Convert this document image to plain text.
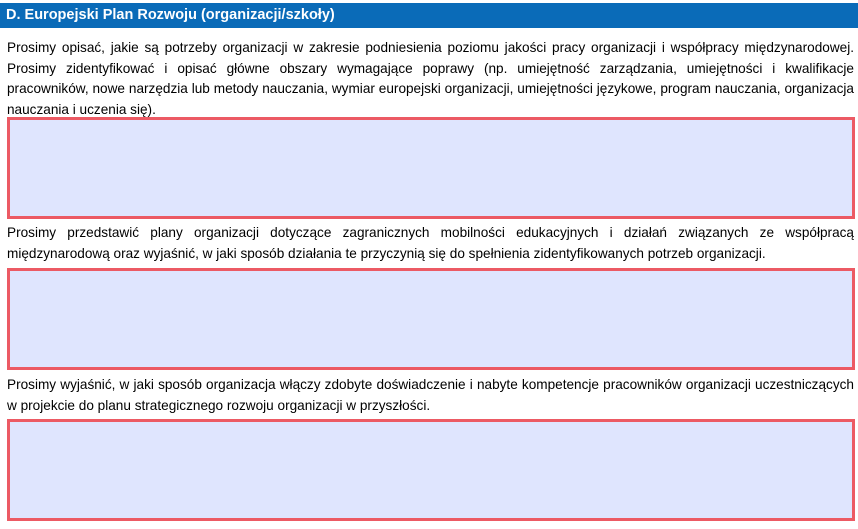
D. Europejski Plan Rozwoju (organizacji/szkoły)
Prosimy opisać, jakie są potrzeby organizacji w zakresie podniesienia poziomu jakości pracy organizacji i współpracy międzynarodowej. Prosimy zidentyfikować i opisać główne obszary wymagające poprawy (np. umiejętność zarządzania, umiejętności i kwalifikacje pracowników, nowe narzędzia lub metody nauczania, wymiar europejski organizacji, umiejętności językowe, program nauczania, organizacja nauczania i uczenia się).
Prosimy przedstawić plany organizacji dotyczące zagranicznych mobilności edukacyjnych i działań związanych ze współpracą międzynarodową oraz wyjaśnić, w jaki sposób działania te przyczynią się do spełnienia zidentyfikowanych potrzeb organizacji.
Prosimy wyjaśnić, w jaki sposób organizacja włączy zdobyte doświadczenie i nabyte kompetencje pracowników organizacji uczestniczących w projekcie do planu strategicznego rozwoju organizacji w przyszłości.
